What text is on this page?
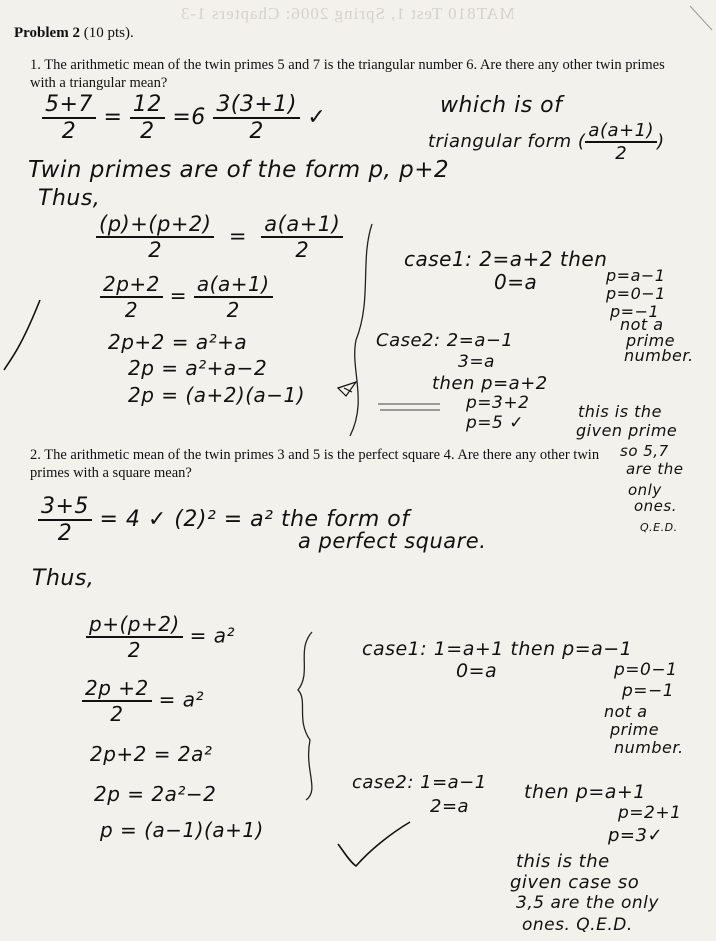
MAT810 Test 1, Spring 2006: Chapters 1-3
Problem 2 (10 pts).
1. The arithmetic mean of the twin primes 5 and 7 is the triangular number 6. Are there any other twin primes with a triangular mean?
$\frac{5+7}{2} = \frac{12}{2} =6 \frac{3(3+1)}{2}$ ✓	which is of
triangular form ( $\frac{a(a+1)}{2}$ )
Twin primes are of the form p, p+2
Thus,
$\frac{(p)+(p+2)}{2} = \frac{a(a+1)}{2}$
$\frac{2p+2}{2} = \frac{a(a+1)}{2}$
2p+2 = a²+a
2p = a²+a−2
2p = (a+2)(a−1)
case1: 2=a+2 then
0=a	p=a−1
p=0−1
p=−1
not a
prime
number.
Case2: 2=a−1
3=a
then p=a+2
p=3+2
p=5 ✓
this is the
given prime
so 5,7
are the
only
ones.
Q.E.D.
2. The arithmetic mean of the twin primes 3 and 5 is the perfect square 4. Are there any other twin primes with a square mean?
$\frac{3+5}{2} = 4$ ✓ (2)² = a² the form of
a perfect square.
Thus,
$\frac{p+(p+2)}{2} = a^2$
$\frac{2p +2}{2} = a^2$
2p+2 = 2a²
2p = 2a²−2
p = (a−1)(a+1)
case1: 1=a+1 then p=a−1
0=a	p=0−1
p=−1
not a
prime
number.
case2: 1=a−1
2=a
then p=a+1
p=2+1
p=3✓
this is the
given case so
3,5 are the only
ones. Q.E.D.
